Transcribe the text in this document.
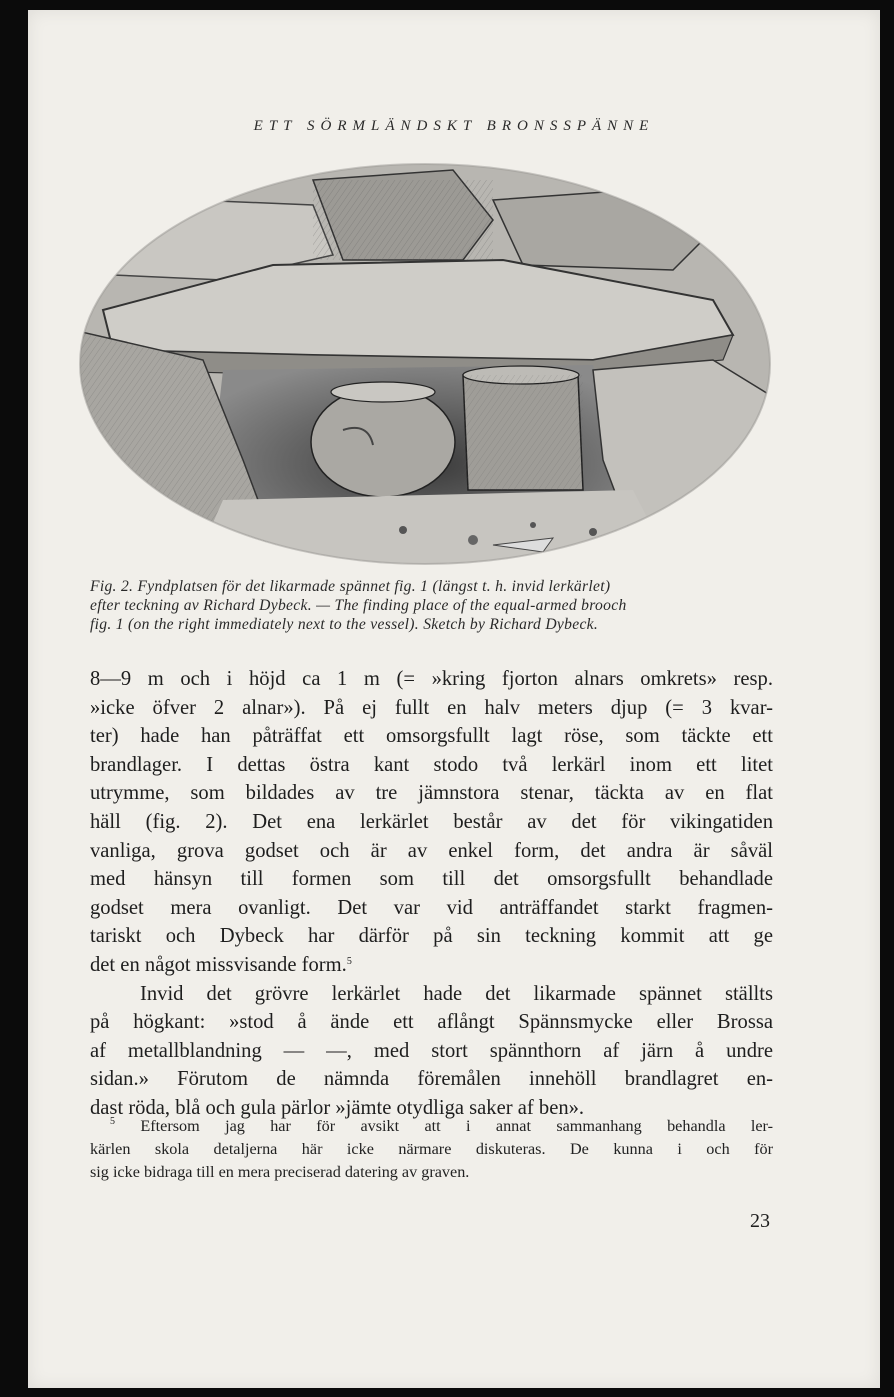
ETT SÖRMLÄNDSKT BRONSSPÄNNE
Fig. 2. Fyndplatsen för det likarmade spännet fig. 1 (längst t. h. invid lerkärlet)
efter teckning av Richard Dybeck. — The finding place of the equal-armed brooch
fig. 1 (on the right immediately next to the vessel). Sketch by Richard Dybeck.
8—9 m och i höjd ca 1 m (= »kring fjorton alnars omkrets» resp.
»icke öfver 2 alnar»). På ej fullt en halv meters djup (= 3 kvar-
ter) hade han påträffat ett omsorgsfullt lagt röse, som täckte ett
brandlager. I dettas östra kant stodo två lerkärl inom ett litet
utrymme, som bildades av tre jämnstora stenar, täckta av en flat
häll (fig. 2). Det ena lerkärlet består av det för vikingatiden
vanliga, grova godset och är av enkel form, det andra är såväl
med hänsyn till formen som till det omsorgsfullt behandlade
godset mera ovanligt. Det var vid anträffandet starkt fragmen-
tariskt och Dybeck har därför på sin teckning kommit att ge
det en något missvisande form.$^5$
Invid det grövre lerkärlet hade det likarmade spännet ställts
på högkant: »stod å ände ett aflångt Spännsmycke eller Brossa
af metallblandning — —, med stort spännthorn af järn å undre
sidan.» Förutom de nämnda föremålen innehöll brandlagret en-
dast röda, blå och gula pärlor »jämte otydliga saker af ben».
$^5$ Eftersom jag har för avsikt att i annat sammanhang behandla ler-
kärlen skola detaljerna här icke närmare diskuteras. De kunna i och för
sig icke bidraga till en mera preciserad datering av graven.
23
